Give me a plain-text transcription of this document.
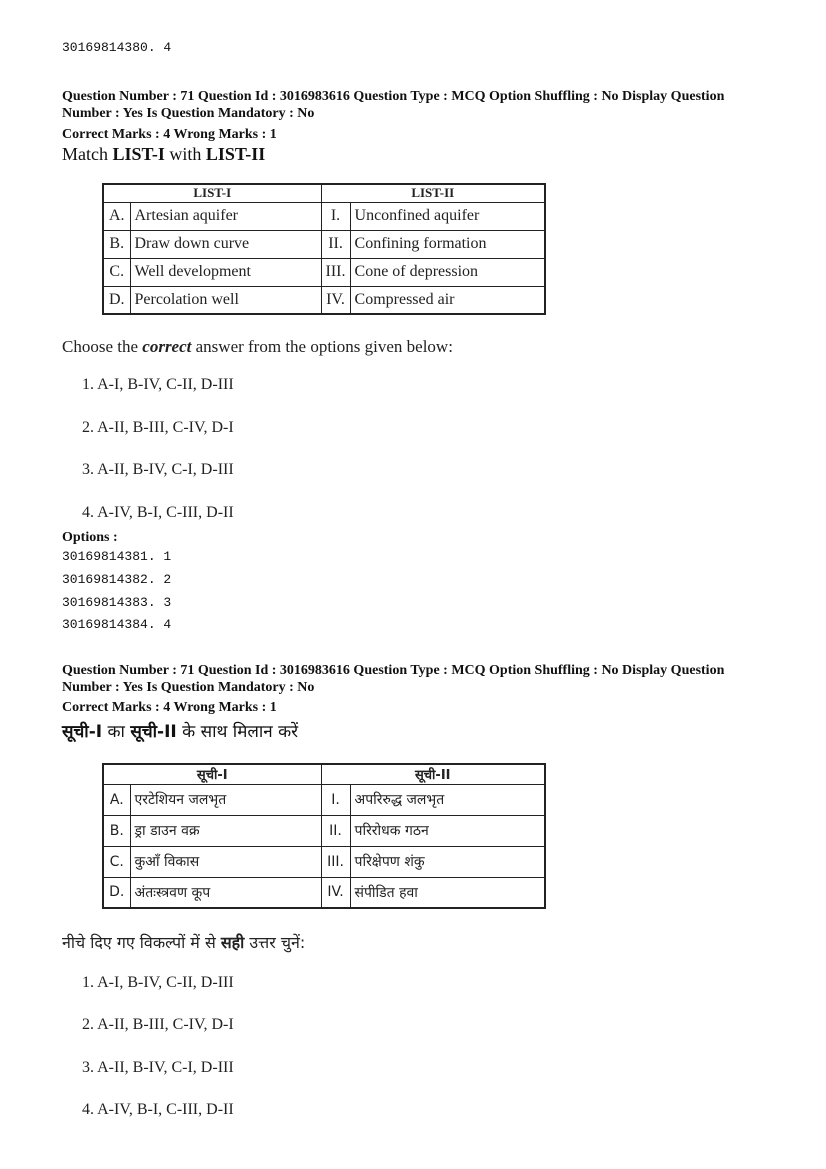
30169814380. 4
Question Number : 71 Question Id : 3016983616 Question Type : MCQ Option Shuffling : No Display Question
Number : Yes Is Question Mandatory : No
Correct Marks : 4 Wrong Marks : 1
Match LIST-I with LIST-II
LIST-I		LIST-II	
A.	Artesian aquifer	I.	Unconfined aquifer
B.	Draw down curve	II.	Confining formation
C.	Well development	III.	Cone of depression
D.	Percolation well	IV.	Compressed air
Choose the correct answer from the options given below:
1. A-I, B-IV, C-II, D-III
2. A-II, B-III, C-IV, D-I
3. A-II, B-IV, C-I, D-III
4. A-IV, B-I, C-III, D-II
Options :
30169814381. 1
30169814382. 2
30169814383. 3
30169814384. 4
Question Number : 71 Question Id : 3016983616 Question Type : MCQ Option Shuffling : No Display Question
Number : Yes Is Question Mandatory : No
Correct Marks : 4 Wrong Marks : 1
सूची-I का सूची-II के साथ मिलान करें
सूची-I		सूची-II	
A.	एरटेशियन जलभृत	I.	अपरिरुद्ध जलभृत
B.	ड्रा डाउन वक्र	II.	परिरोधक गठन
C.	कुआँ विकास	III.	परिक्षेपण शंकु
D.	अंतःस्त्रवण कूप	IV.	संपीडित हवा
नीचे दिए गए विकल्पों में से सही उत्तर चुनें:
1. A-I, B-IV, C-II, D-III
2. A-II, B-III, C-IV, D-I
3. A-II, B-IV, C-I, D-III
4. A-IV, B-I, C-III, D-II
